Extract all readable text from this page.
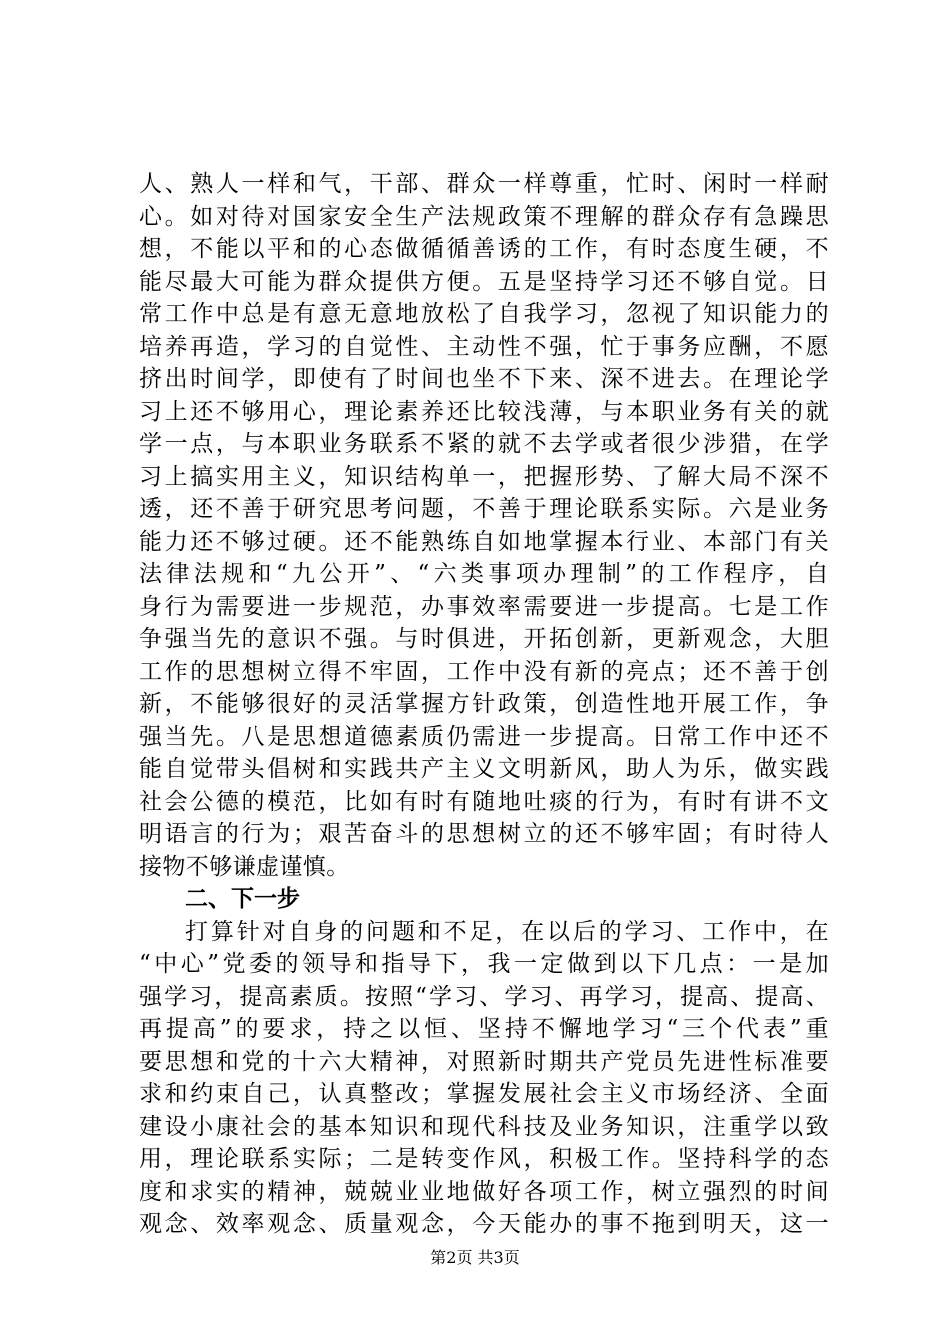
人、熟人一样和气，干部、群众一样尊重，忙时、闲时一样耐
心。如对待对国家安全生产法规政策不理解的群众存有急躁思
想，不能以平和的心态做循循善诱的工作，有时态度生硬，不
能尽最大可能为群众提供方便。五是坚持学习还不够自觉。日
常工作中总是有意无意地放松了自我学习，忽视了知识能力的
培养再造，学习的自觉性、主动性不强，忙于事务应酬，不愿
挤出时间学，即使有了时间也坐不下来、深不进去。在理论学
习上还不够用心，理论素养还比较浅薄，与本职业务有关的就
学一点，与本职业务联系不紧的就不去学或者很少涉猎，在学
习上搞实用主义，知识结构单一，把握形势、了解大局不深不
透，还不善于研究思考问题，不善于理论联系实际。六是业务
能力还不够过硬。还不能熟练自如地掌握本行业、本部门有关
法律法规和“九公开”、“六类事项办理制”的工作程序，自
身行为需要进一步规范，办事效率需要进一步提高。七是工作
争强当先的意识不强。与时俱进，开拓创新，更新观念，大胆
工作的思想树立得不牢固，工作中没有新的亮点；还不善于创
新，不能够很好的灵活掌握方针政策，创造性地开展工作，争
强当先。八是思想道德素质仍需进一步提高。日常工作中还不
能自觉带头倡树和实践共产主义文明新风，助人为乐，做实践
社会公德的模范，比如有时有随地吐痰的行为，有时有讲不文
明语言的行为；艰苦奋斗的思想树立的还不够牢固；有时待人
接物不够谦虚谨慎。
二、下一步
打算针对自身的问题和不足，在以后的学习、工作中，在
“中心”党委的领导和指导下，我一定做到以下几点：一是加
强学习，提高素质。按照“学习、学习、再学习，提高、提高、
再提高”的要求，持之以恒、坚持不懈地学习“三个代表”重
要思想和党的十六大精神，对照新时期共产党员先进性标准要
求和约束自己，认真整改；掌握发展社会主义市场经济、全面
建设小康社会的基本知识和现代科技及业务知识，注重学以致
用，理论联系实际；二是转变作风，积极工作。坚持科学的态
度和求实的精神，兢兢业业地做好各项工作，树立强烈的时间
观念、效率观念、质量观念，今天能办的事不拖到明天，这一
第2页 共3页
